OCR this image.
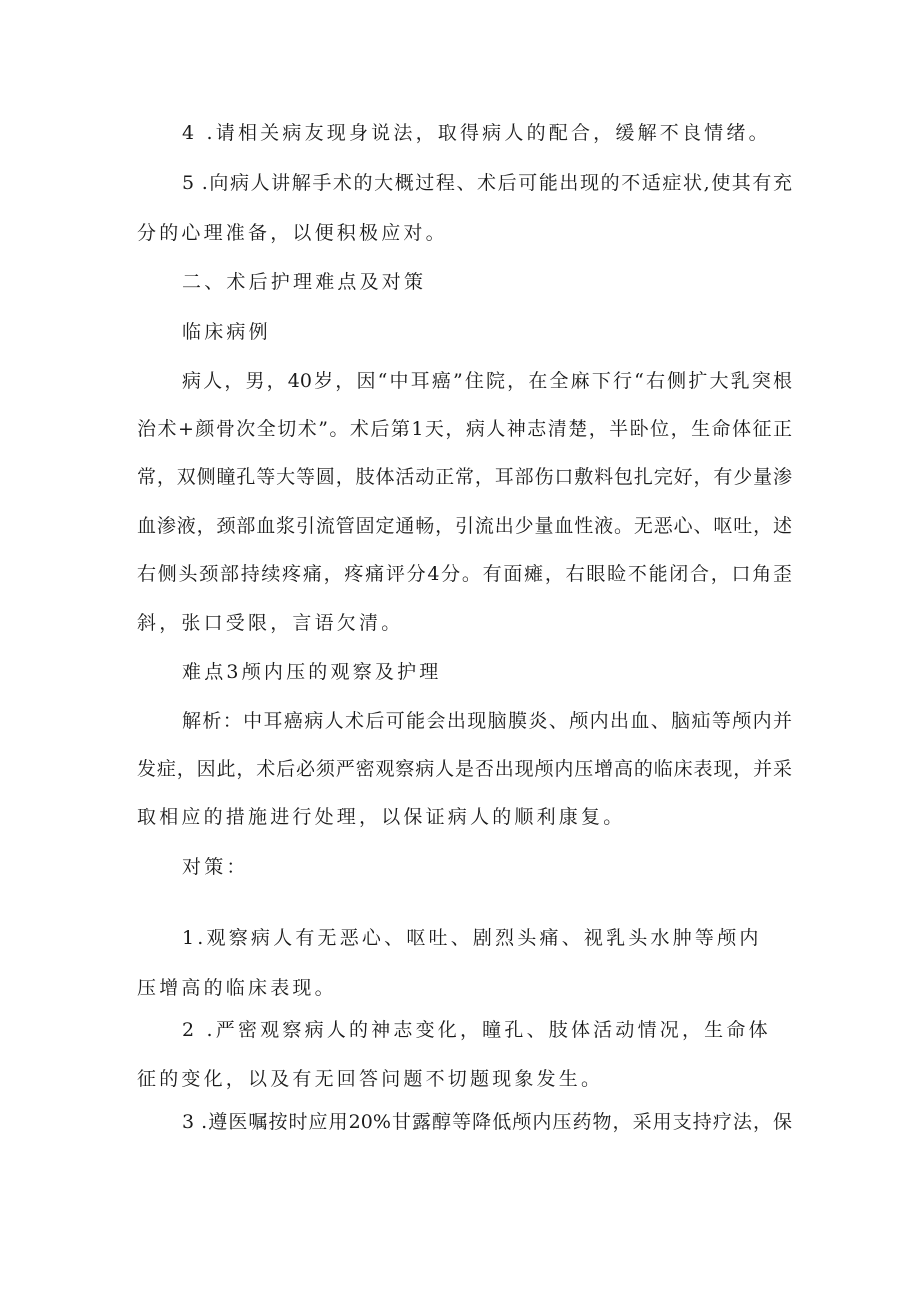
4 .请相关病友现身说法，取得病人的配合，缓解不良情绪。
5 .向病人讲解手术的大概过程、术后可能出现的不适症状,使其有充
分的心理准备，以便积极应对。
二、术后护理难点及对策
临床病例
病人，男，40岁，因“中耳癌”住院，在全麻下行“右侧扩大乳突根
治术+颜骨次全切术”。术后第1天，病人神志清楚，半卧位，生命体征正
常，双侧瞳孔等大等圆，肢体活动正常，耳部伤口敷料包扎完好，有少量渗
血渗液，颈部血浆引流管固定通畅，引流出少量血性液。无恶心、呕吐，述
右侧头颈部持续疼痛，疼痛评分4分。有面瘫，右眼睑不能闭合，口角歪
斜，张口受限，言语欠清。
难点3颅内压的观察及护理
解析：中耳癌病人术后可能会出现脑膜炎、颅内出血、脑疝等颅内并
发症，因此，术后必须严密观察病人是否出现颅内压增高的临床表现，并采
取相应的措施进行处理，以保证病人的顺利康复。
对策：
1.观察病人有无恶心、呕吐、剧烈头痛、视乳头水肿等颅内
压增高的临床表现。
2 .严密观察病人的神志变化，瞳孔、肢体活动情况，生命体
征的变化，以及有无回答问题不切题现象发生。
3 .遵医嘱按时应用20%甘露醇等降低颅内压药物，采用支持疗法，保
